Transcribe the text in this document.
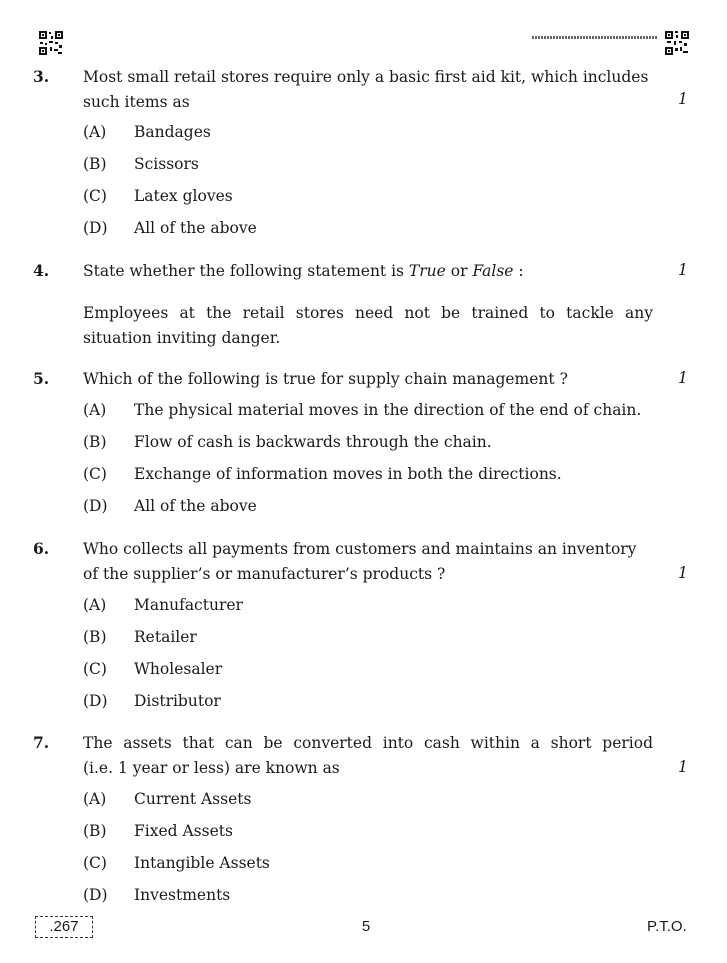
3. Most small retail stores require only a basic first aid kit, which includes such items as	1
(A) Bandages
(B) Scissors
(C) Latex gloves
(D) All of the above
4. State whether the following statement is True or False :	1
Employees at the retail stores need not be trained to tackle any situation inviting danger.
5. Which of the following is true for supply chain management ?	1
(A) The physical material moves in the direction of the end of chain.
(B) Flow of cash is backwards through the chain.
(C) Exchange of information moves in both the directions.
(D) All of the above
6. Who collects all payments from customers and maintains an inventory of the supplier’s or manufacturer’s products ?	1
(A) Manufacturer
(B) Retailer
(C) Wholesaler
(D) Distributor
7. The assets that can be converted into cash within a short period
(i.e. 1 year or less) are known as	1
(A) Current Assets
(B) Fixed Assets
(C) Intangible Assets
(D) Investments
.267	5	P.T.O.
